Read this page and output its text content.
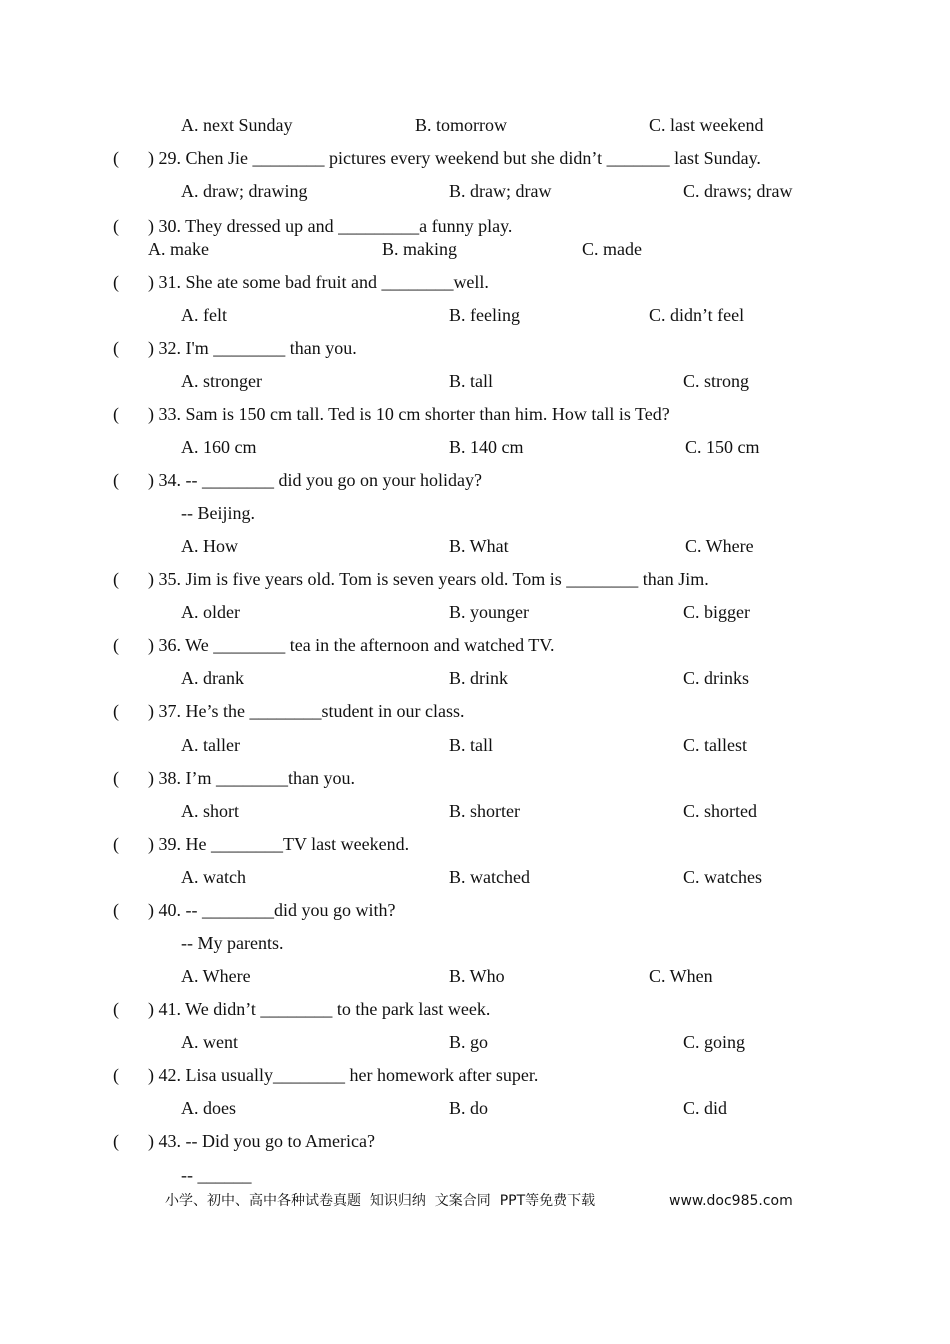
A. next Sunday	B. tomorrow	C. last weekend
( ) 29. Chen Jie ________ pictures every weekend but she didn’t _______ last Sunday.
A. draw; drawing	B. draw; draw	C. draws; draw
( ) 30. They dressed up and _________a funny play.
A. make	B. making	C. made
( ) 31. She ate some bad fruit and ________well.
A. felt	B. feeling	C. didn’t feel
( ) 32. I'm ________ than you.
A. stronger	B. tall	C. strong
( ) 33. Sam is 150 cm tall. Ted is 10 cm shorter than him. How tall is Ted?
A. 160 cm	B. 140 cm	C. 150 cm
( ) 34. -- ________ did you go on your holiday?
-- Beijing.
A. How	B. What	C. Where
( ) 35. Jim is five years old. Tom is seven years old. Tom is ________ than Jim.
A. older	B. younger	C. bigger
( ) 36. We ________ tea in the afternoon and watched TV.
A. drank	B. drink	C. drinks
( ) 37. He’s the ________student in our class.
A. taller	B. tall	C. tallest
( ) 38. I’m ________than you.
A. short	B. shorter	C. shorted
( ) 39. He ________TV last weekend.
A. watch	B. watched	C. watches
( ) 40. -- ________did you go with?
-- My parents.
A. Where	B. Who	C. When
( ) 41. We didn’t ________ to the park last week.
A. went	B. go	C. going
( ) 42. Lisa usually________ her homework after super.
A. does	B. do	C. did
( ) 43. -- Did you go to America?
-- ______
小学、初中、高中各种试卷真题  知识归纳  文案合同  PPT等免费下载	www.doc985.com
